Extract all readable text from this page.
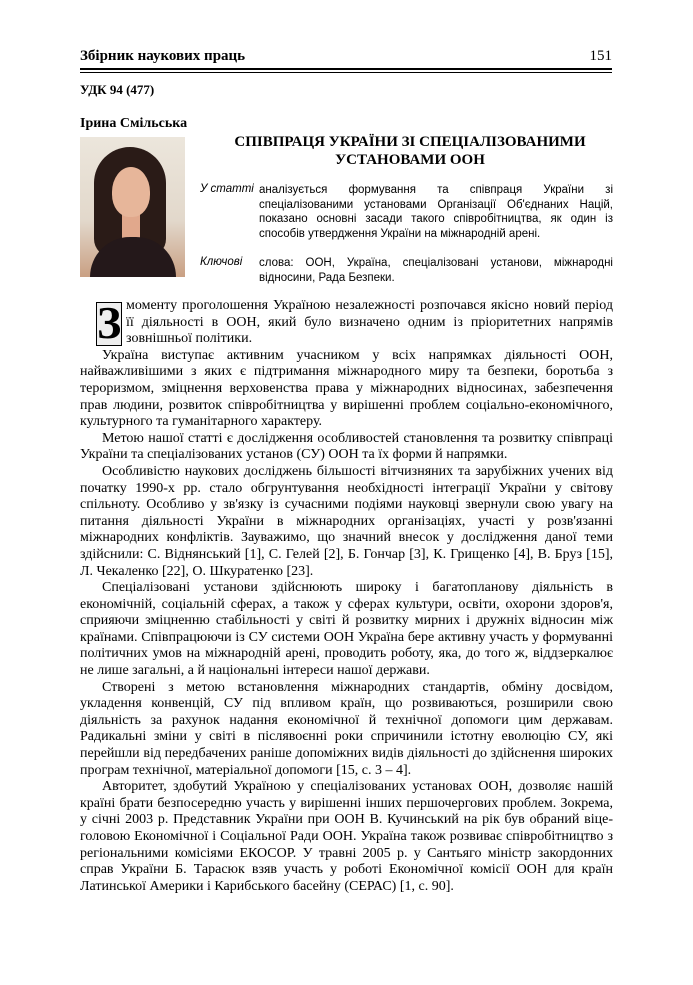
Збірник наукових праць	151
УДК 94 (477)
Ірина Смільська
СПІВПРАЦЯ УКРАЇНИ ЗІ СПЕЦІАЛІЗОВАНИМИ УСТАНОВАМИ ООН
У статті аналізується формування та співпраця України зі
спеціалізованими установами Організації Об'єднаних Націй, показано основні засади такого співробітництва, як один із способів утвердження України на міжнародній арені.
Ключові слова: ООН, Україна, спеціалізовані установи, міжнародні
відносини, Рада Безпеки.

З моменту проголошення Україною незалежності розпочався якісно новий період її діяльності в ООН, який було визначено одним із пріоритетних напрямів зовнішньої політики.

Україна виступає активним учасником у всіх напрямках діяльності ООН, найважливішими з яких є підтримання міжнародного миру та безпеки, боротьба з тероризмом, зміцнення верховенства права у міжнародних відносинах, забезпечення прав людини, розвиток співробітництва у вирішенні проблем соціально-економічного, культурного та гуманітарного характеру.

Метою нашої статті є дослідження особливостей становлення та розвитку співпраці України та спеціалізованих установ (СУ) ООН та їх форми й напрямки.

Особливістю наукових досліджень більшості вітчизняних та зарубіжних учених від початку 1990-х рр. стало обгрунтування необхідності інтеграції України у світову спільноту. Особливо у зв'язку із сучасними подіями науковці звернули свою увагу на питання діяльності України в міжнародних організаціях, участі у розв'язанні міжнародних конфліктів. Зауважимо, що значний внесок у дослідження даної теми здійснили: С. Віднянський [1], С. Гелей [2], Б. Гончар [3], К. Грищенко [4], В. Бруз [15], Л. Чекаленко [22], О. Шкуратенко [23].

Спеціалізовані установи здійснюють широку і багатопланову діяльність в економічній, соціальній сферах, а також у сферах культури, освіти, охорони здоров'я, сприяючи зміцненню стабільності у світі й розвитку мирних і дружніх відносин між країнами. Співпрацюючи із СУ системи ООН Україна бере активну участь у формуванні політичних умов на міжнародній арені, проводить роботу, яка, до того ж, віддзеркалює не лише загальні, а й національні інтереси нашої держави.

Створені з метою встановлення міжнародних стандартів, обміну досвідом, укладення конвенцій, СУ під впливом країн, що розвиваються, розширили свою діяльність за рахунок надання економічної й технічної допомоги цим державам. Радикальні зміни у світі в післявоєнні роки спричинили істотну еволюцію СУ, які перейшли від передбачених раніше допоміжних видів діяльності до здійснення широких програм технічної, матеріальної допомоги [15, с. 3 – 4].

Авторитет, здобутий Україною у спеціалізованих установах ООН, дозволяє нашій країні брати безпосередню участь у вирішенні інших першочергових проблем. Зокрема, у січні 2003 р. Представник України при ООН В. Кучинський на рік був обраний віце-головою Економічної і Соціальної Ради ООН. Україна також розвиває співробітництво з регіональними комісіями ЕКОСОР. У травні 2005 р. у Сантьяго міністр закордонних справ України Б. Тарасюк взяв участь у роботі Економічної комісії ООН для країн Латинської Америки і Карибського басейну (СЕРАС) [1, с. 90].
